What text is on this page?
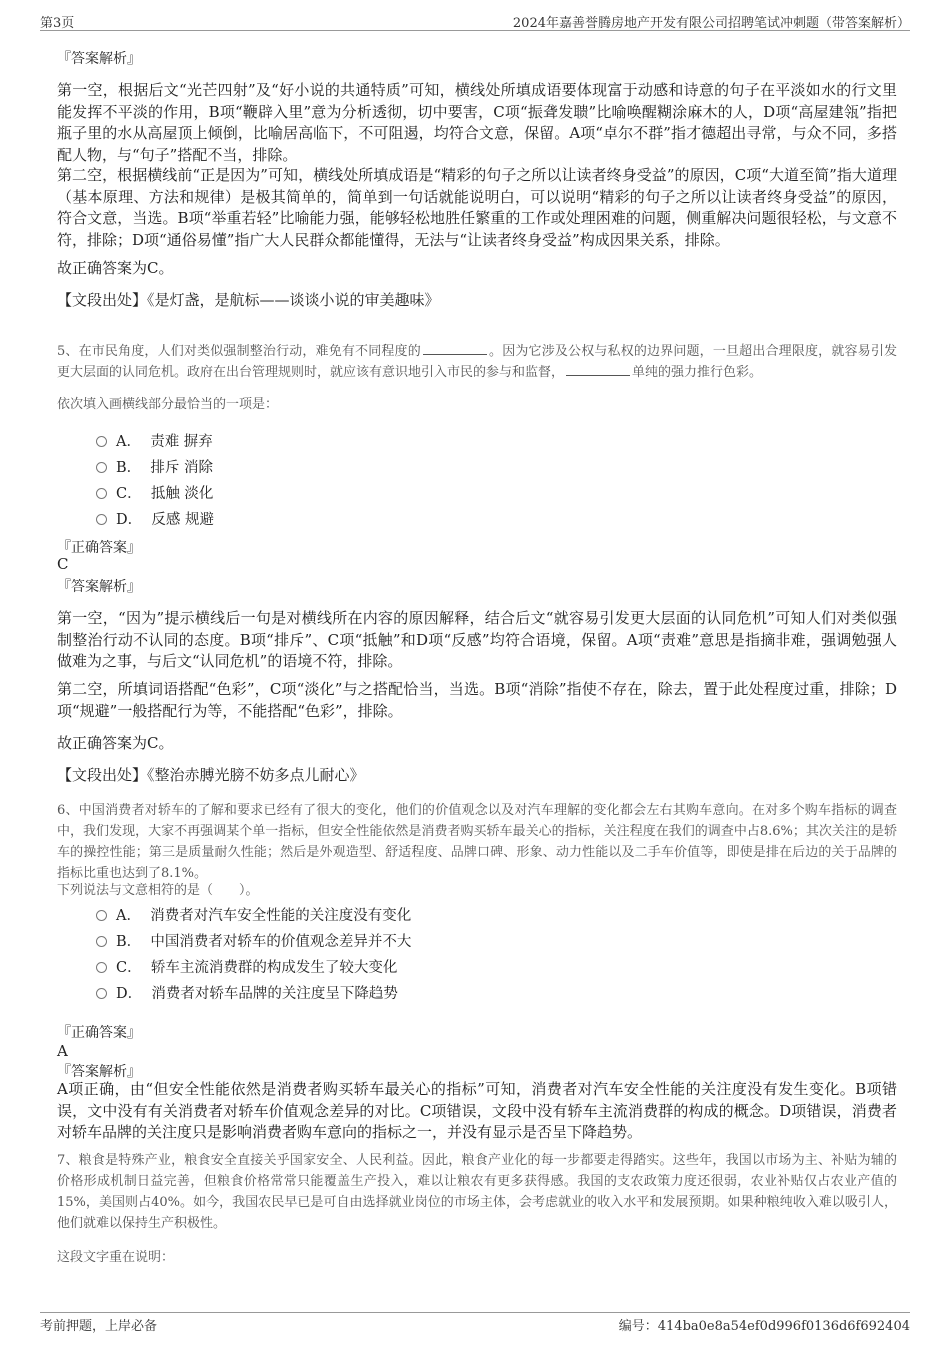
第3页	2024年嘉善誉腾房地产开发有限公司招聘笔试冲刺题（带答案解析）
『答案解析』
第一空，根据后文“光芒四射”及“好小说的共通特质”可知，横线处所填成语要体现富于动感和诗意的句子在平淡如水的行文里能发挥不平淡的作用，B项“鞭辟入里”意为分析透彻，切中要害，C项“振聋发聩”比喻唤醒糊涂麻木的人，D项“高屋建瓴”指把瓶子里的水从高屋顶上倾倒，比喻居高临下，不可阻遏，均符合文意，保留。A项“卓尔不群”指才德超出寻常，与众不同，多搭配人物，与“句子”搭配不当，排除。
第二空，根据横线前“正是因为”可知，横线处所填成语是“精彩的句子之所以让读者终身受益”的原因，C项“大道至简”指大道理（基本原理、方法和规律）是极其简单的，简单到一句话就能说明白，可以说明“精彩的句子之所以让读者终身受益”的原因，符合文意，当选。B项“举重若轻”比喻能力强，能够轻松地胜任繁重的工作或处理困难的问题，侧重解决问题很轻松，与文意不符，排除；D项“通俗易懂”指广大人民群众都能懂得，无法与“让读者终身受益”构成因果关系，排除。
故正确答案为C。
【文段出处】《是灯盏，是航标——谈谈小说的审美趣味》
5、在市民角度，人们对类似强制整治行动，难免有不同程度的	。因为它涉及公权与私权的边界问题，一旦超出合理限度，就容易引发更大层面的认同危机。政府在出台管理规则时，就应该有意识地引入市民的参与和监督，	单纯的强力推行色彩。
依次填入画横线部分最恰当的一项是：
A． 责难 摒弃
B． 排斥 消除
C． 抵触 淡化
D． 反感 规避
『正确答案』
C
『答案解析』
第一空，“因为”提示横线后一句是对横线所在内容的原因解释，结合后文“就容易引发更大层面的认同危机”可知人们对类似强制整治行动不认同的态度。B项“排斥”、C项“抵触”和D项“反感”均符合语境，保留。A项“责难”意思是指摘非难，强调勉强人做难为之事，与后文“认同危机”的语境不符，排除。
第二空，所填词语搭配“色彩”，C项“淡化”与之搭配恰当，当选。B项“消除”指使不存在，除去，置于此处程度过重，排除；D项“规避”一般搭配行为等，不能搭配“色彩”，排除。
故正确答案为C。
【文段出处】《整治赤膊光膀不妨多点儿耐心》
6、中国消费者对轿车的了解和要求已经有了很大的变化，他们的价值观念以及对汽车理解的变化都会左右其购车意向。在对多个购车指标的调查中，我们发现，大家不再强调某个单一指标，但安全性能依然是消费者购买轿车最关心的指标，关注程度在我们的调查中占8.6%；其次关注的是轿车的操控性能；第三是质量耐久性能；然后是外观造型、舒适程度、品牌口碑、形象、动力性能以及二手车价值等，即使是排在后边的关于品牌的指标比重也达到了8.1%。
下列说法与文意相符的是（　　）。
A． 消费者对汽车安全性能的关注度没有变化
B． 中国消费者对轿车的价值观念差异并不大
C． 轿车主流消费群的构成发生了较大变化
D． 消费者对轿车品牌的关注度呈下降趋势
『正确答案』
A
『答案解析』
A项正确，由“但安全性能依然是消费者购买轿车最关心的指标”可知，消费者对汽车安全性能的关注度没有发生变化。B项错误，文中没有有关消费者对轿车价值观念差异的对比。C项错误，文段中没有轿车主流消费群的构成的概念。D项错误，消费者对轿车品牌的关注度只是影响消费者购车意向的指标之一，并没有显示是否呈下降趋势。
7、粮食是特殊产业，粮食安全直接关乎国家安全、人民利益。因此，粮食产业化的每一步都要走得踏实。这些年，我国以市场为主、补贴为辅的价格形成机制日益完善，但粮食价格常常只能覆盖生产投入，难以让粮农有更多获得感。我国的支农政策力度还很弱，农业补贴仅占农业产值的15%，美国则占40%。如今，我国农民早已是可自由选择就业岗位的市场主体，会考虑就业的收入水平和发展预期。如果种粮纯收入难以吸引人，他们就难以保持生产积极性。
这段文字重在说明：
考前押题，上岸必备	编号：414ba0e8a54ef0d996f0136d6f692404
